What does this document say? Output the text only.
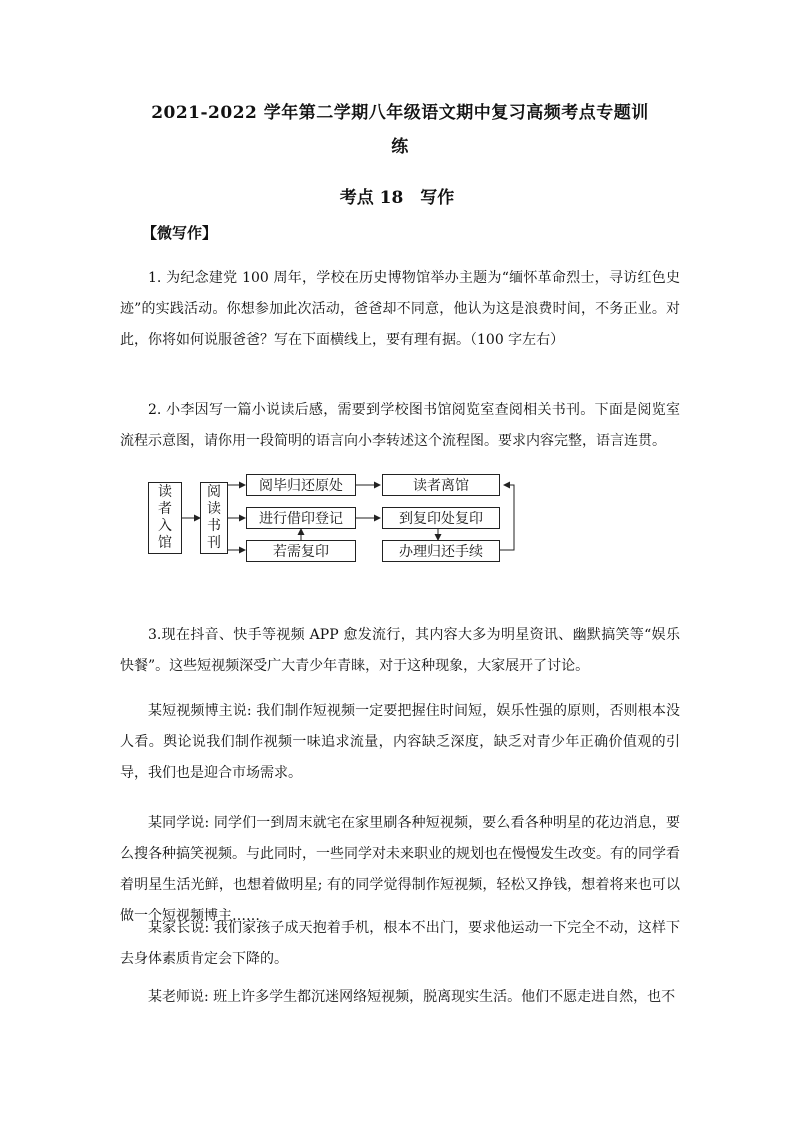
2021-2022 学年第二学期八年级语文期中复习高频考点专题训
练
考点 18　写作
【微写作】

1. 为纪念建党 100 周年，学校在历史博物馆举办主题为“缅怀革命烈士，寻访红色史迹”的实践活动。你想参加此次活动，爸爸却不同意，他认为这是浪费时间，不务正业。对此，你将如何说服爸爸？写在下面横线上，要有理有据。（100 字左右）

2. 小李因写一篇小说读后感，需要到学校图书馆阅览室查阅相关书刊。下面是阅览室流程示意图，请你用一段简明的语言向小李转述这个流程图。要求内容完整，语言连贯。

读
者
入
馆
阅
读
书
刊
阅毕归还原处	读者离馆
进行借印登记	到复印处复印
若需复印	办理归还手续

3.现在抖音、快手等视频 APP 愈发流行，其内容大多为明星资讯、幽默搞笑等“娱乐快餐”。这些短视频深受广大青少年青睐，对于这种现象，大家展开了讨论。

某短视频博主说: 我们制作短视频一定要把握住时间短，娱乐性强的原则，否则根本没人看。舆论说我们制作视频一味追求流量，内容缺乏深度，缺乏对青少年正确价值观的引导，我们也是迎合市场需求。

某同学说: 同学们一到周末就宅在家里刷各种短视频，要么看各种明星的花边消息，要么搜各种搞笑视频。与此同时，一些同学对未来职业的规划也在慢慢发生改变。有的同学看着明星生活光鲜，也想着做明星; 有的同学觉得制作短视频，轻松又挣钱，想着将来也可以做一个短视频博主……

某家长说: 我们家孩子成天抱着手机，根本不出门，要求他运动一下完全不动，这样下去身体素质肯定会下降的。

某老师说: 班上许多学生都沉迷网络短视频，脱离现实生活。他们不愿走进自然，也不
